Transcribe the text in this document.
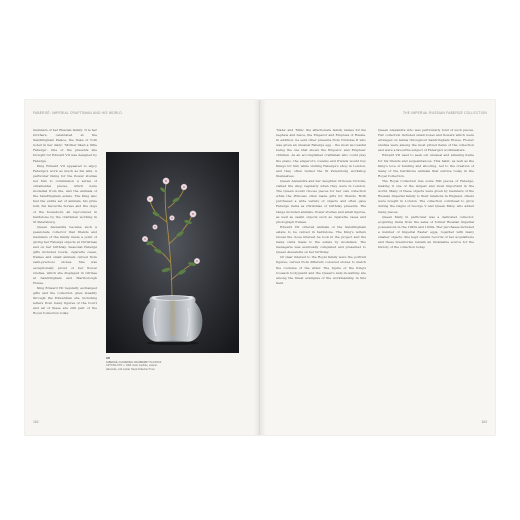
FABERGÉ: IMPERIAL CRAFTSMAN AND HIS WORLD

members of her Russian family: It is her brothers, celebrated at the Sandringham Palace, the Duke of York noted in her diary: 'Mother liked a little Fabergé'. One of the presents she brought for Edward VII was designed by Fabergé.

King Edward VII appeared to enjoy Fabergé's work as much as his wife. A particular liking for the flower studies led him to commission a series of ornamental pieces, which were modelled from life, and the animals of the Sandringham estate. The King also had the entire set of animals, his prize bull, his favourite horses and the dogs of the household, all reproduced in hardstone by the craftsmen working in St Petersburg.

Queen Alexandra became such a passionate collector that friends and members of the family made a point of giving her Fabergé objects at Christmas and on her birthday. Seasonal Fabergé gifts included bowls, cigarette cases, frames and small animals carved from semi-precious stones. She was exceptionally proud of her flower studies, which she displayed in vitrines at Sandringham and Marlborough House.

King Edward VII regularly exchanged gifts and the collection grew steadily through the Edwardian era, including letters from many figures of the Court and all of these are still part of the Royal Collection today.

166
FABERGÉ, FLOWERING CRANBERRY IN A ROCK CRYSTAL POT, c. 1900. Gold, nephrite, enamel, diamonds, rock crystal. Royal Collection Trust.
162
THE IMPERIAL RUSSIAN FABERGÉ COLLECTION

'Nada' and 'Mila', the affectionate family names for his nephew and niece, the Emperor and Empress of Russia. In addition, he sent other presents from Nicholas II who was given an unusual Fabergé egg – the most successful being the one that shows the Emperor and Empress' children. As an accomplished craftsman who could play the piano, the emperor's cousins and friends would buy things for him while visiting Fabergé's shop in London, and they often visited the St Petersburg workshop themselves.

Queen Alexandra and her daughter, Princess Victoria, visited the shop regularly when they were in London. The Queen would choose pieces for her own collection while the Princess often made gifts for friends. Both purchased a wide variety of objects and often gave Fabergé items as Christmas or birthday presents. The range included animals, flower studies and small figures, as well as useful objects such as cigarette cases and photograph frames.

Edward VII ordered animals of the Sandringham estate to be carved in hardstone. The King's letters reveal the close interest he took in the project and the many visits made to the estate by modellers. The menagerie was eventually completed and presented to Queen Alexandra on her birthday.

Of clear interest to the Royal family were the portrait figures, carved from different coloured stones to match the costume of the sitter. The figure of the King's Cossack bodyguard and the Queen's lady-in-waiting are among the finest examples of the workmanship in this field.

Queen Alexandra who was particularly fond of such pieces. Her collection included small boxes and flowers which were arranged on tables throughout Sandringham House. Flower studies were among the most prized items of the collection and were a favourite subject of Fabergé's workmasters.

Edward VII used to seek out unusual and amusing items for his friends and acquaintances. This habit, as well as the King's love of hunting and shooting, led to the creation of many of the hardstone animals that survive today in the Royal Collection.

The Royal Collection has some 600 pieces of Fabergé, making it one of the largest and most important in the world. Many of these objects were given by members of the Russian Imperial family to their relations in England, others were bought in London. The collection continued to grow during the reigns of George V and Queen Mary, who added many pieces.

Queen Mary in particular was a dedicated collector, acquiring items from the sales of former Russian imperial possessions in the 1920s and 1930s. Her purchases included a number of Imperial Easter eggs, together with many smaller objects. She kept careful records of her acquisitions and these inventories remain an invaluable source for the history of the collection today.

163
